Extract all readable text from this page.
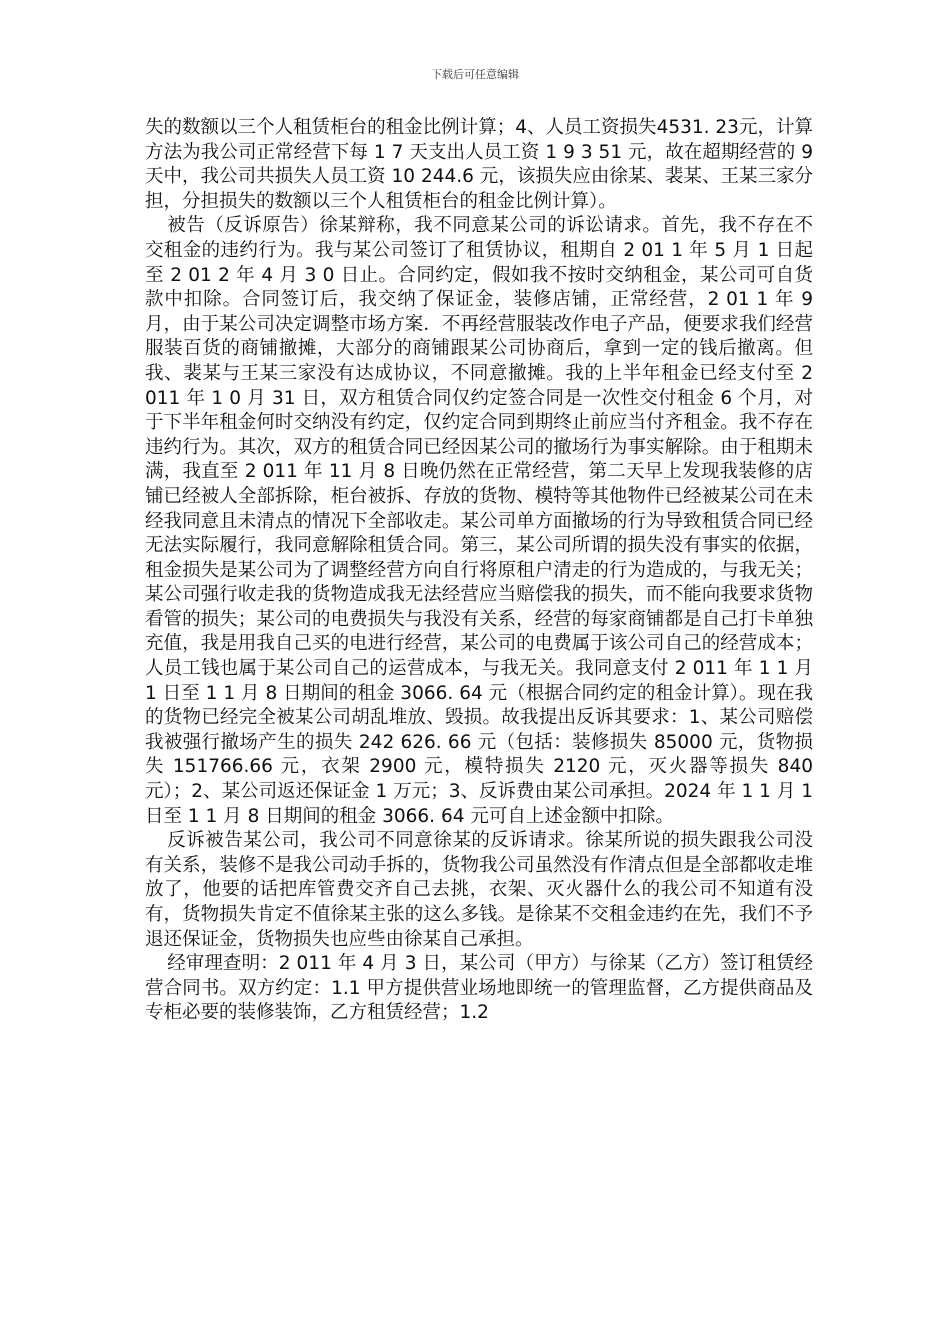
下载后可任意编辑

失的数额以三个人租赁柜台的租金比例计算；4、人员工资损失4531. 23元，计算方法为我公司正常经营下每 1 7 天支出人员工资 1 9 3 51 元，故在超期经营的 9 天中，我公司共损失人员工资 10 244.6 元，该损失应由徐某、裴某、王某三家分担，分担损失的数额以三个人租赁柜台的租金比例计算）。

被告（反诉原告）徐某辩称，我不同意某公司的诉讼请求。首先，我不存在不交租金的违约行为。我与某公司签订了租赁协议，租期自 2 01 1 年 5 月 1 日起至 2 01 2 年 4 月 3 0 日止。合同约定，假如我不按时交纳租金，某公司可自货款中扣除。合同签订后，我交纳了保证金，装修店铺，正常经营，2 01 1 年 9 月，由于某公司决定调整市场方案．不再经营服装改作电子产品，便要求我们经营服装百货的商铺撤摊，大部分的商铺跟某公司协商后，拿到一定的钱后撤离。但我、裴某与王某三家没有达成协议，不同意撤摊。我的上半年租金已经支付至 2 011 年 1 0 月 31 日，双方租赁合同仅约定签合同是一次性交付租金 6 个月，对于下半年租金何时交纳没有约定，仅约定合同到期终止前应当付齐租金。我不存在违约行为。其次，双方的租赁合同已经因某公司的撤场行为事实解除。由于租期未满，我直至 2 011 年 11 月 8 日晚仍然在正常经营，第二天早上发现我装修的店铺已经被人全部拆除，柜台被拆、存放的货物、模特等其他物件已经被某公司在未经我同意且未清点的情况下全部收走。某公司单方面撤场的行为导致租赁合同已经无法实际履行，我同意解除租赁合同。第三，某公司所谓的损失没有事实的依据，租金损失是某公司为了调整经营方向自行将原租户清走的行为造成的，与我无关；某公司强行收走我的货物造成我无法经营应当赔偿我的损失，而不能向我要求货物看管的损失；某公司的电费损失与我没有关系，经营的每家商铺都是自己打卡单独充值，我是用我自己买的电进行经营，某公司的电费属于该公司自己的经营成本；人员工钱也属于某公司自己的运营成本，与我无关。我同意支付 2 011 年 1 1 月 1 日至 1 1 月 8 日期间的租金 3066. 64 元（根据合同约定的租金计算）。现在我的货物已经完全被某公司胡乱堆放、毁损。故我提出反诉其要求：1、某公司赔偿我被强行撤场产生的损失 242 626. 66 元（包括：装修损失 85000 元，货物损失 151766.66 元，衣架 2900 元，模特损失 2120 元，灭火器等损失 840 元）；2、某公司返还保证金 1 万元；3、反诉费由某公司承担。2024 年 1 1 月 1 日至 1 1 月 8 日期间的租金 3066. 64 元可自上述金额中扣除。

反诉被告某公司，我公司不同意徐某的反诉请求。徐某所说的损失跟我公司没有关系，装修不是我公司动手拆的，货物我公司虽然没有作清点但是全部都收走堆放了，他要的话把库管费交齐自己去挑，衣架、灭火器什么的我公司不知道有没有，货物损失肯定不值徐某主张的这么多钱。是徐某不交租金违约在先，我们不予退还保证金，货物损失也应些由徐某自己承担。

经审理查明：2 011 年 4 月 3 日，某公司（甲方）与徐某（乙方）签订租赁经营合同书。双方约定：1.1 甲方提供营业场地即统一的管理监督，乙方提供商品及专柜必要的装修装饰，乙方租赁经营；1.2
